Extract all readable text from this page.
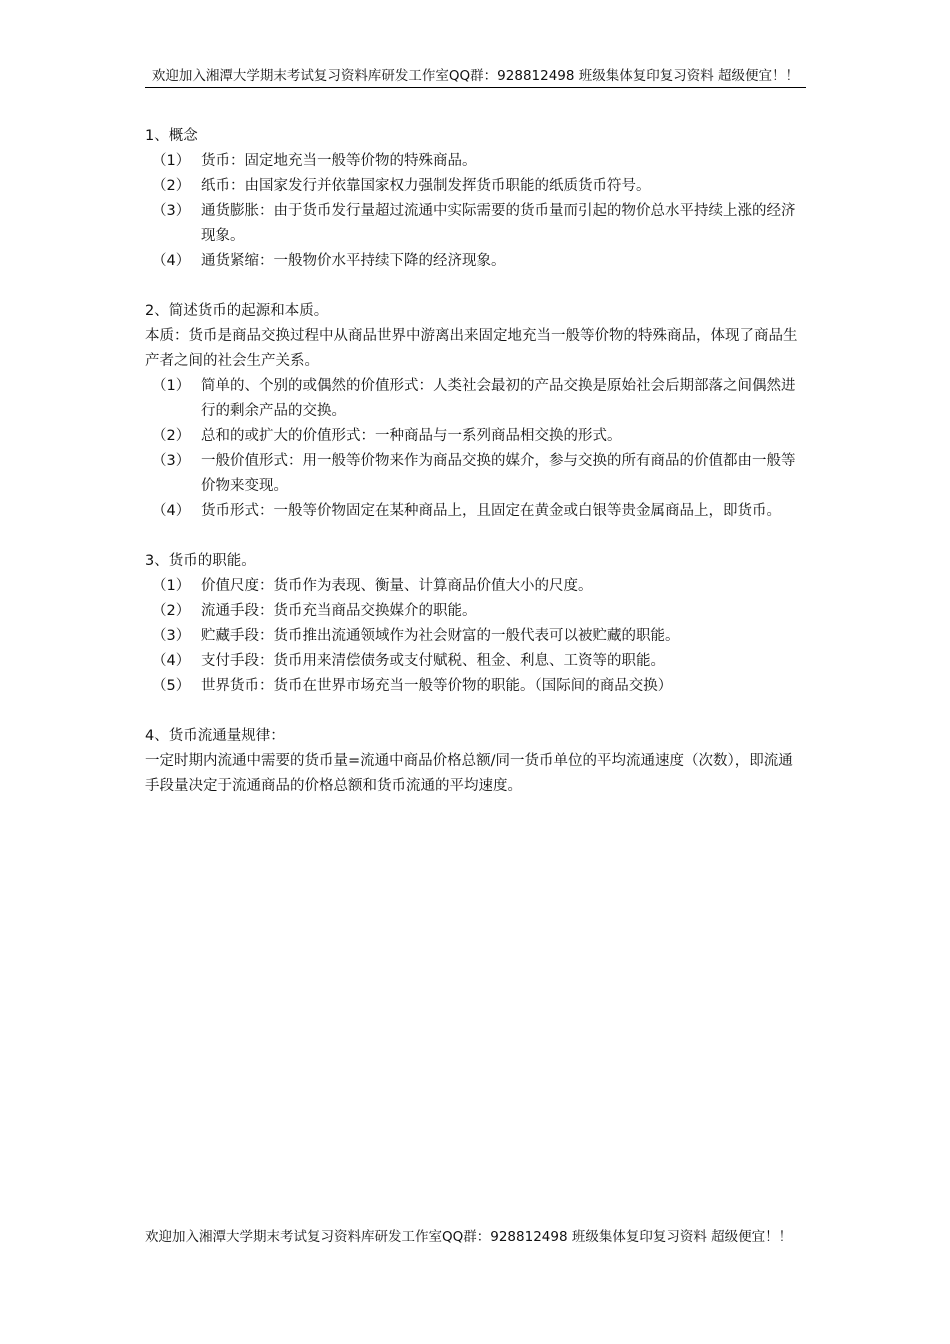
欢迎加入湘潭大学期末考试复习资料库研发工作室QQ群：928812498 班级集体复印复习资料 超级便宜！！

1、概念

（1） 货币：固定地充当一般等价物的特殊商品。
（2） 纸币：由国家发行并依靠国家权力强制发挥货币职能的纸质货币符号。
（3） 通货膨胀：由于货币发行量超过流通中实际需要的货币量而引起的物价总水平持续上涨的经济现象。
（4） 通货紧缩：一般物价水平持续下降的经济现象。

2、简述货币的起源和本质。

本质：货币是商品交换过程中从商品世界中游离出来固定地充当一般等价物的特殊商品，体现了商品生产者之间的社会生产关系。

（1） 简单的、个别的或偶然的价值形式：人类社会最初的产品交换是原始社会后期部落之间偶然进行的剩余产品的交换。
（2） 总和的或扩大的价值形式：一种商品与一系列商品相交换的形式。
（3） 一般价值形式：用一般等价物来作为商品交换的媒介，参与交换的所有商品的价值都由一般等价物来变现。
（4） 货币形式：一般等价物固定在某种商品上，且固定在黄金或白银等贵金属商品上，即货币。

3、货币的职能。

（1） 价值尺度：货币作为表现、衡量、计算商品价值大小的尺度。
（2） 流通手段：货币充当商品交换媒介的职能。
（3） 贮藏手段：货币推出流通领域作为社会财富的一般代表可以被贮藏的职能。
（4） 支付手段：货币用来清偿债务或支付赋税、租金、利息、工资等的职能。
（5） 世界货币：货币在世界市场充当一般等价物的职能。（国际间的商品交换）

4、货币流通量规律：

一定时期内流通中需要的货币量=流通中商品价格总额/同一货币单位的平均流通速度（次数），即流通手段量决定于流通商品的价格总额和货币流通的平均速度。

欢迎加入湘潭大学期末考试复习资料库研发工作室QQ群：928812498 班级集体复印复习资料 超级便宜！！
